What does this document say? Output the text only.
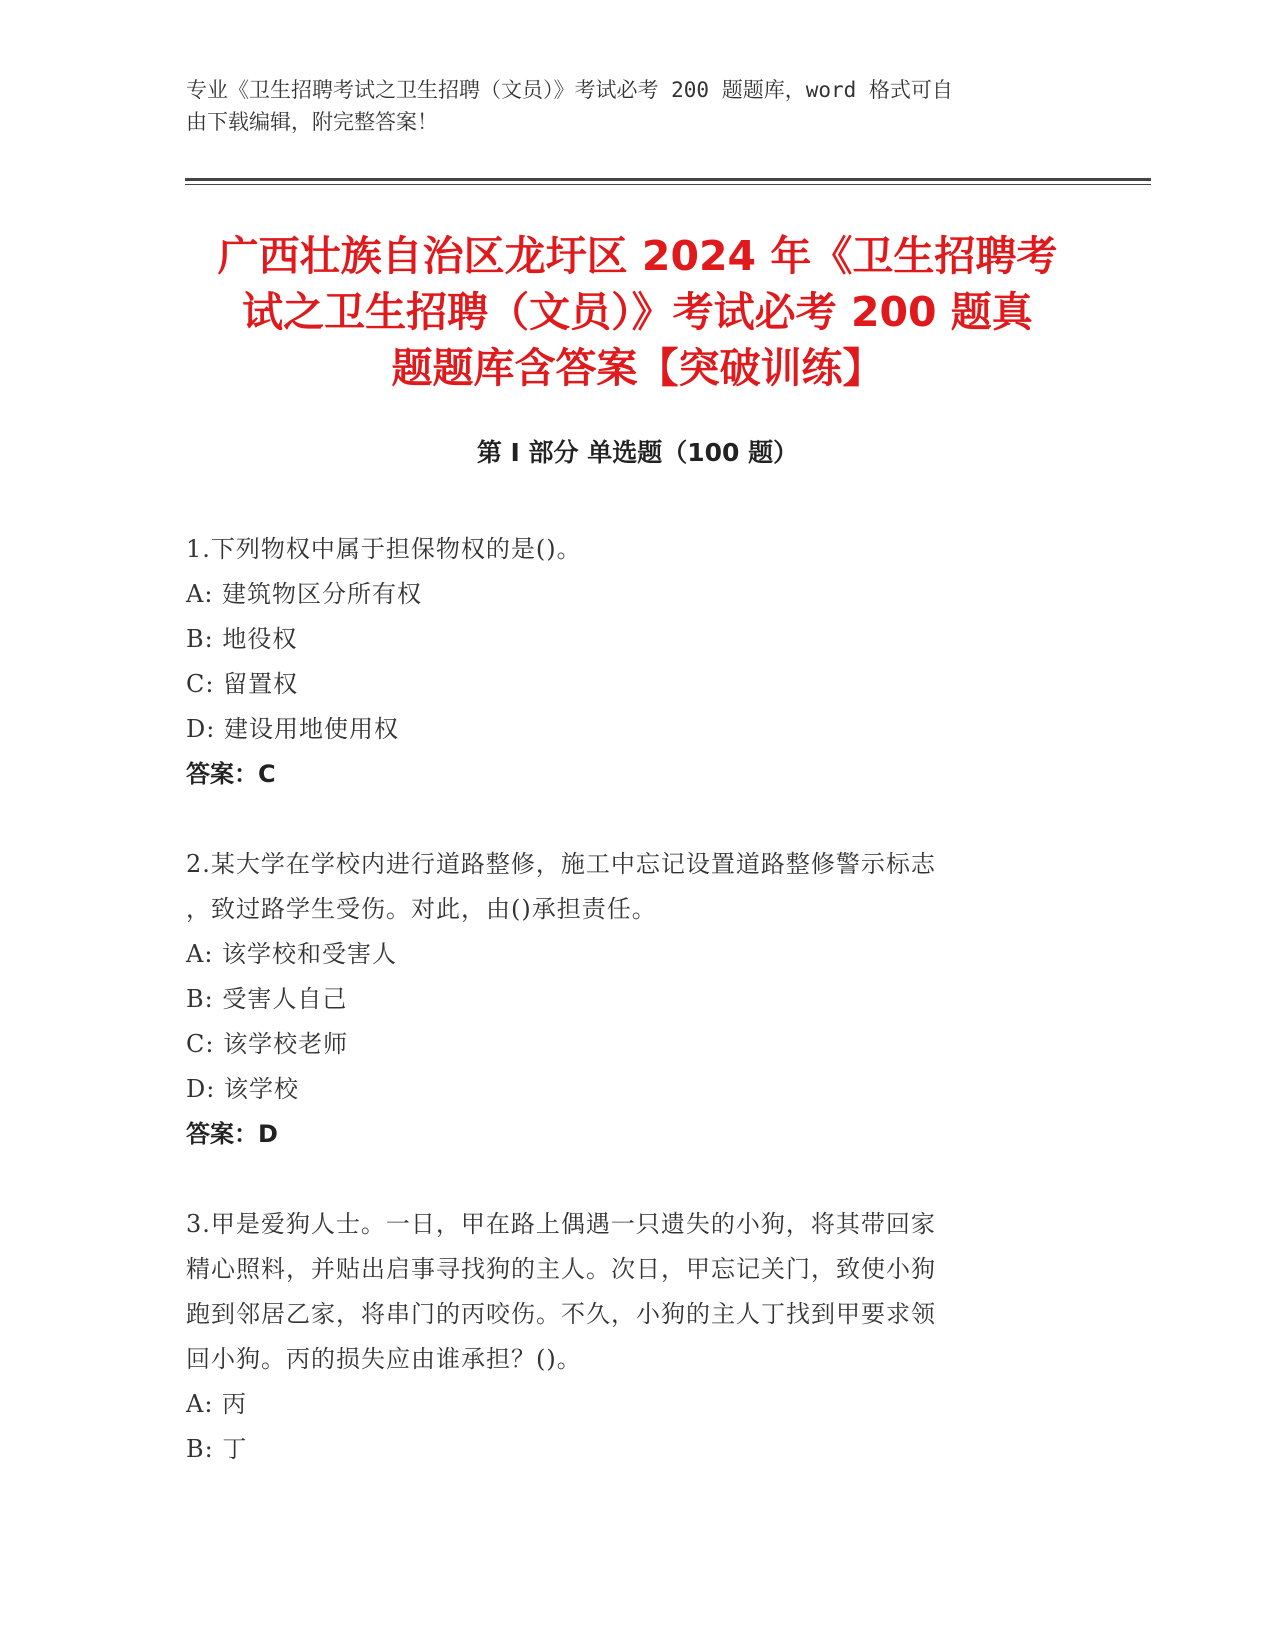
专业《卫生招聘考试之卫生招聘（文员）》考试必考 200 题题库，word 格式可自
由下载编辑，附完整答案！
广西壮族自治区龙圩区 2024 年《卫生招聘考
试之卫生招聘（文员）》考试必考 200 题真
题题库含答案【突破训练】
第 I 部分 单选题（100 题）
1.下列物权中属于担保物权的是()。
A: 建筑物区分所有权
B: 地役权
C: 留置权
D: 建设用地使用权
答案：C
2.某大学在学校内进行道路整修，施工中忘记设置道路整修警示标志
，致过路学生受伤。对此，由()承担责任。
A: 该学校和受害人
B: 受害人自己
C: 该学校老师
D: 该学校
答案：D
3.甲是爱狗人士。一日，甲在路上偶遇一只遗失的小狗，将其带回家
精心照料，并贴出启事寻找狗的主人。次日，甲忘记关门，致使小狗
跑到邻居乙家，将串门的丙咬伤。不久，小狗的主人丁找到甲要求领
回小狗。丙的损失应由谁承担？()。
A: 丙
B: 丁
